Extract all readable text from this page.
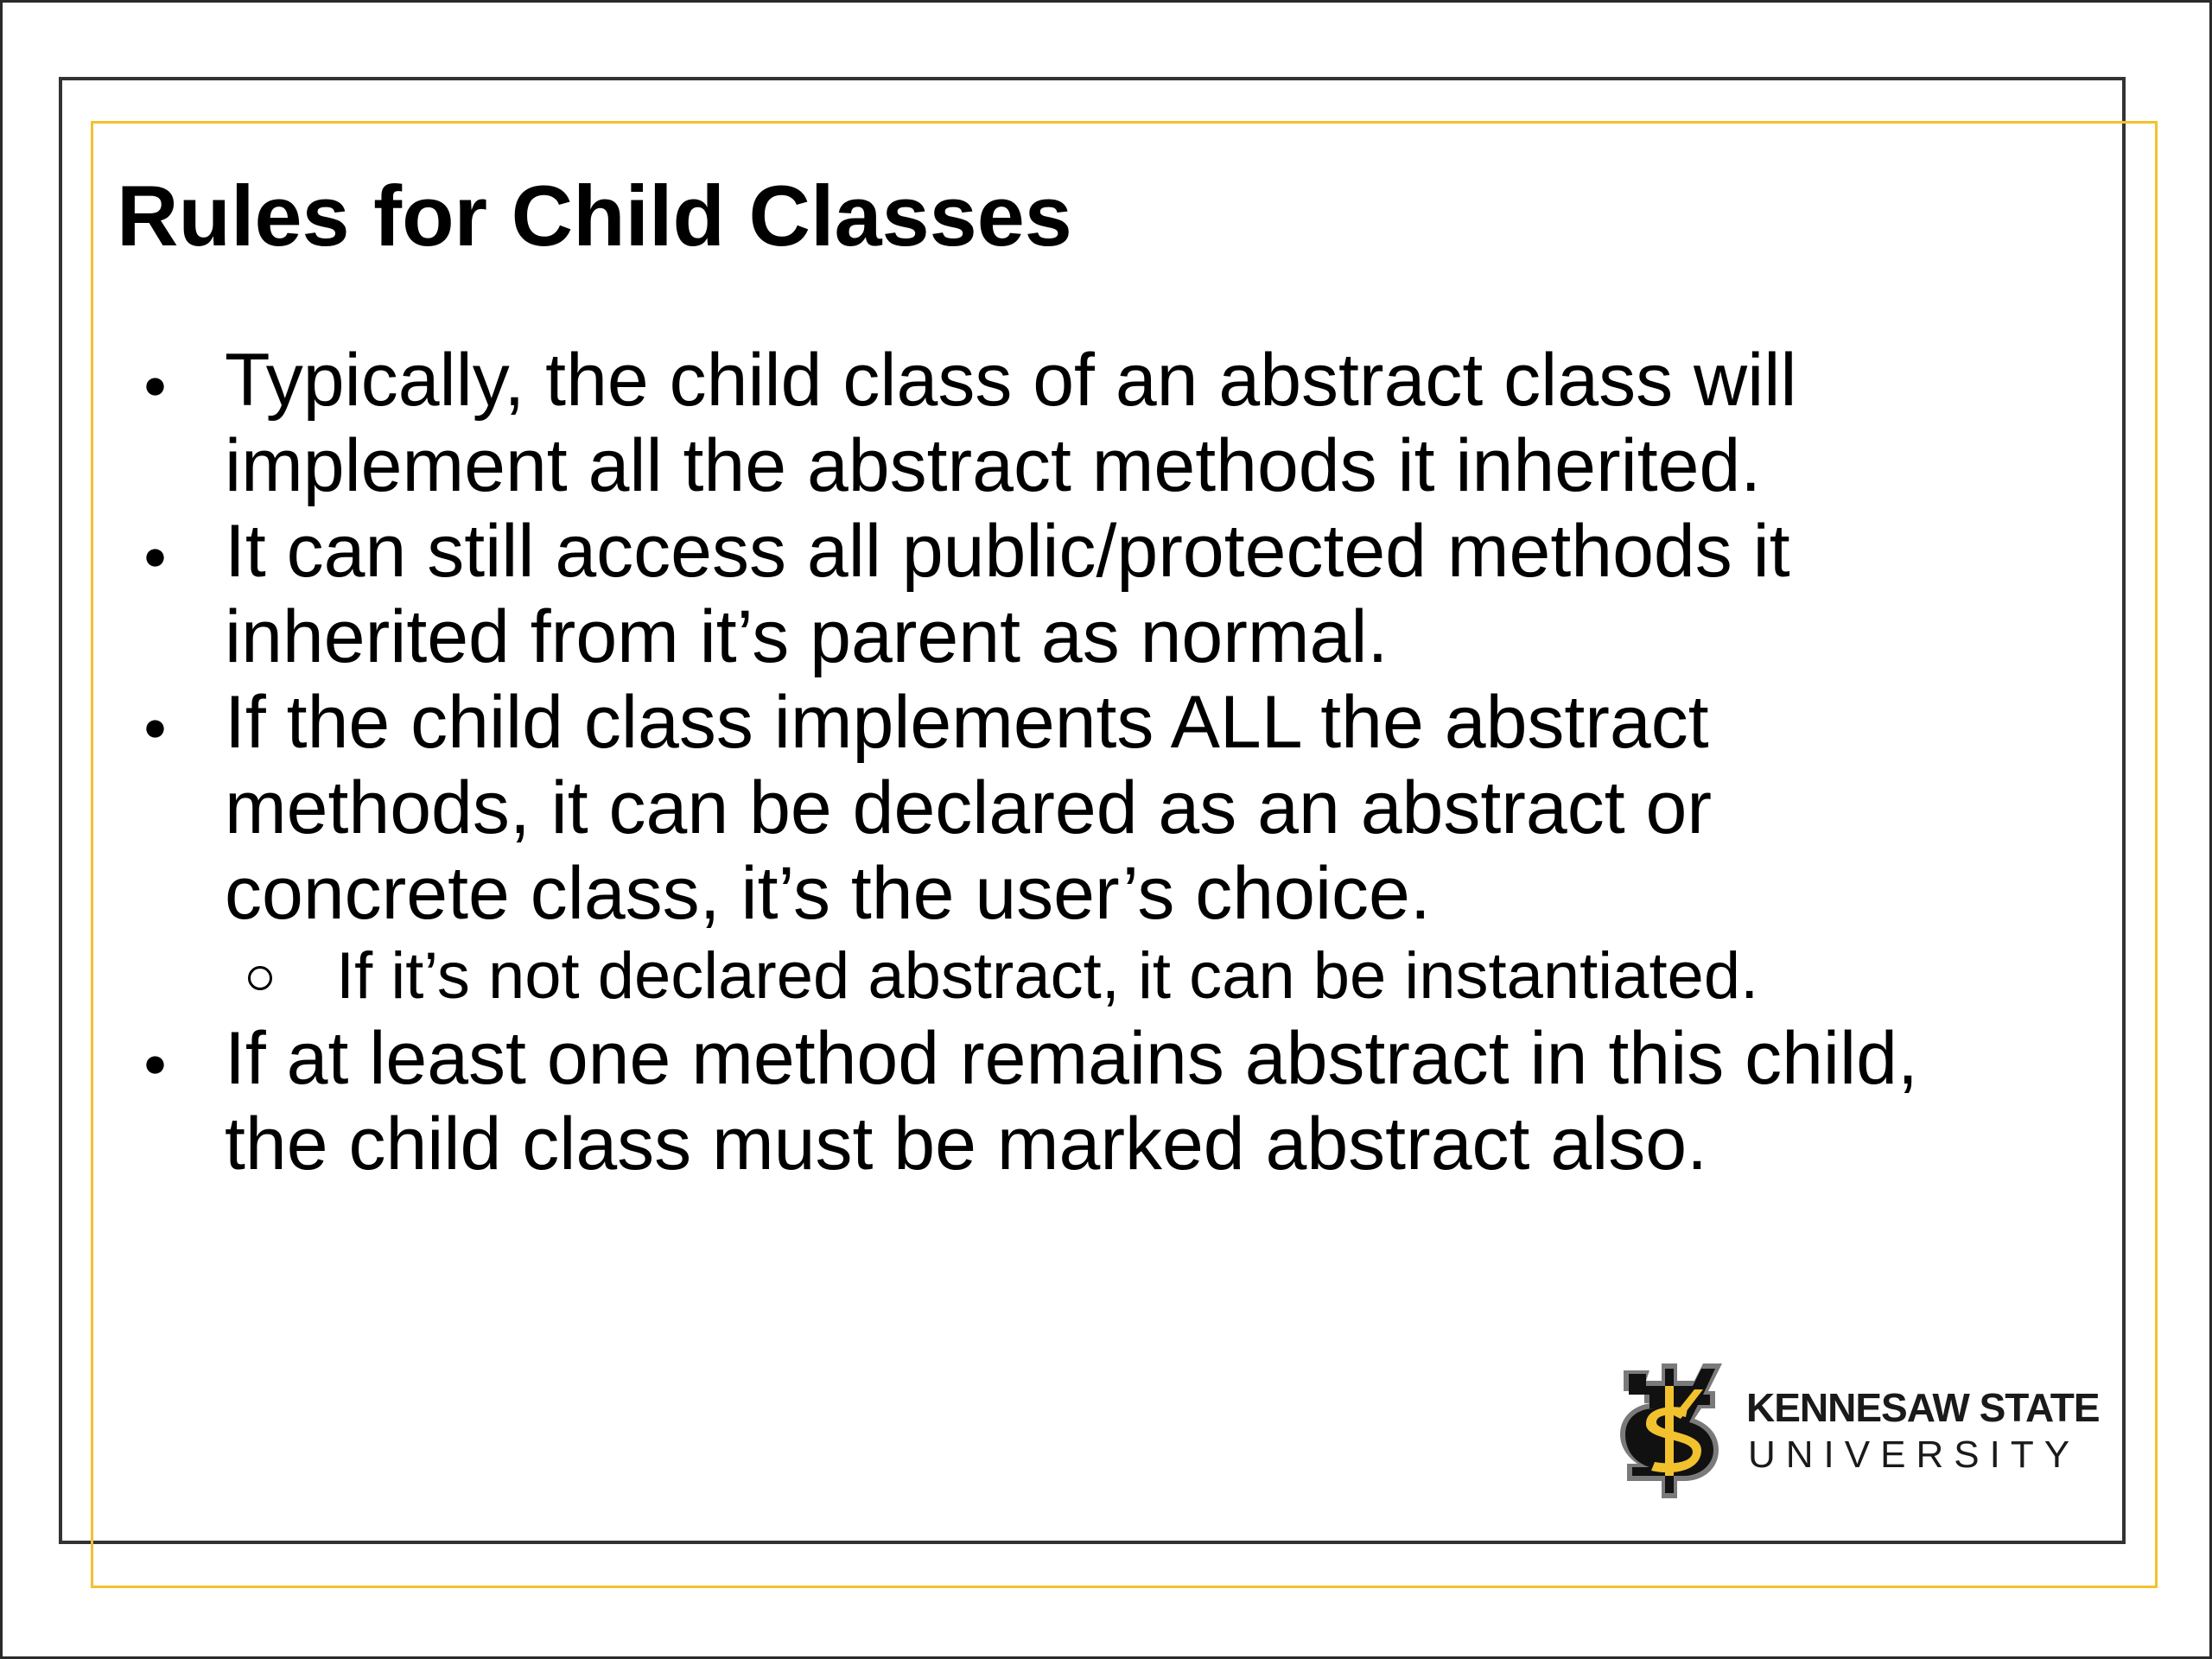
Rules for Child Classes
Typically, the child class of an abstract class will
implement all the abstract methods it inherited.
It can still access all public/protected methods it
inherited from it’s parent as normal.
If the child class implements ALL the abstract
methods, it can be declared as an abstract or
concrete class, it’s the user’s choice.
If it’s not declared abstract, it can be instantiated.
If at least one method remains abstract in this child,
the child class must be marked abstract also.
KENNESAW STATE
UNIVERSITY
